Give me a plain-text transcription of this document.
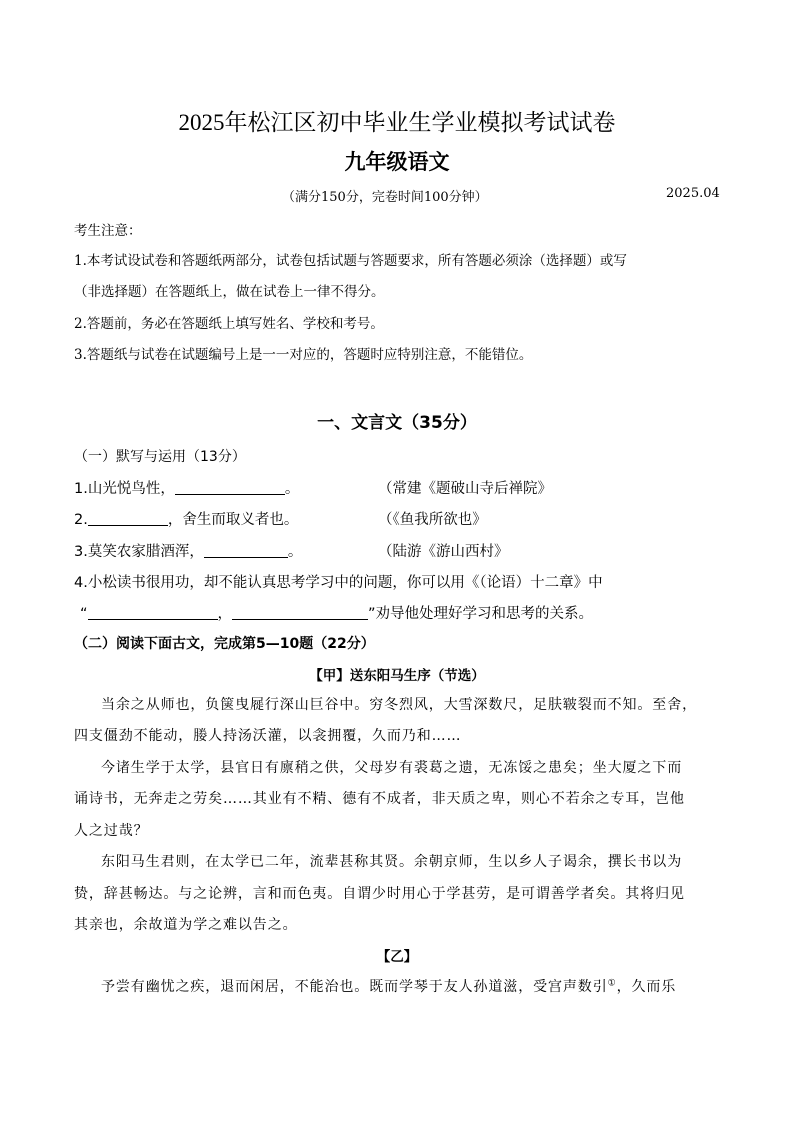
2025年松江区初中毕业生学业模拟考试试卷
九年级语文
（满分150分，完卷时间100分钟）	2025.04
考生注意：
1.本考试设试卷和答题纸两部分，试卷包括试题与答题要求，所有答题必须涂（选择题）或写
（非选择题）在答题纸上，做在试卷上一律不得分。
2.答题前，务必在答题纸上填写姓名、学校和考号。
3.答题纸与试卷在试题编号上是一一对应的，答题时应特别注意，不能错位。
一、文言文（35分）
（一）默写与运用（13分）
1.山光悦鸟性，	。	（常建《题破山寺后禅院》
2.	，舍生而取义者也。	（《鱼我所欲也》
3.莫笑农家腊酒浑，	。	（陆游《游山西村》
4.小松读书很用功，却不能认真思考学习中的问题，你可以用《（论语）十二章》中
“	，	”劝导他处理好学习和思考的关系。
（二）阅读下面古文，完成第5—10题（22分）
【甲】送东阳马生序（节选）
当余之从师也，负箧曳屣行深山巨谷中。穷冬烈风，大雪深数尺，足肤皲裂而不知。至舍，
四支僵劲不能动，媵人持汤沃灌，以衾拥覆，久而乃和……
今诸生学于太学，县官日有廪稍之供，父母岁有裘葛之遗，无冻馁之患矣；坐大厦之下而
诵诗书，无奔走之劳矣……其业有不精、德有不成者，非天质之卑，则心不若余之专耳，岂他
人之过哉？
东阳马生君则，在太学已二年，流辈甚称其贤。余朝京师，生以乡人子谒余，撰长书以为
贽，辞甚畅达。与之论辨，言和而色夷。自谓少时用心于学甚劳，是可谓善学者矣。其将归见
其亲也，余故道为学之难以告之。
【乙】
予尝有幽忧之疾，退而闲居，不能治也。既而学琴于友人孙道滋，受宫声数引①，久而乐
